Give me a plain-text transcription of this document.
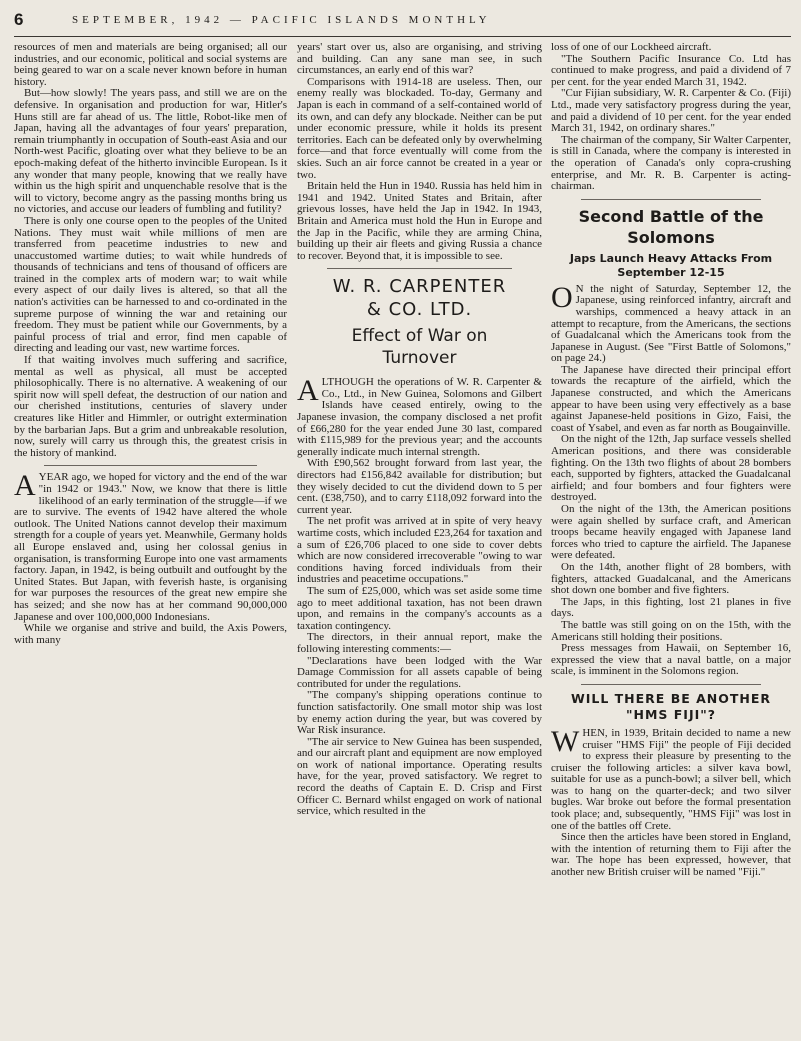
6	SEPTEMBER, 1942 — PACIFIC ISLANDS MONTHLY

resources of men and materials are being organised; all our industries, and our economic, political and social systems are being geared to war on a scale never known before in human history.

But—how slowly! The years pass, and still we are on the defensive. In organisation and production for war, Hitler's Huns still are far ahead of us. The little, Robot-like men of Japan, having all the advantages of four years' preparation, remain triumphantly in occupation of South-east Asia and our North-west Pacific, gloating over what they believe to be an epoch-making defeat of the hitherto invincible European. Is it any wonder that many people, knowing that we really have within us the high spirit and unquenchable resolve that is the will to victory, become angry as the passing months bring us no victories, and accuse our leaders of fumbling and futility?

There is only one course open to the peoples of the United Nations. They must wait while millions of men are transferred from peacetime industries to new and unaccustomed wartime duties; to wait while hundreds of thousands of technicians and tens of thousand of officers are trained in the complex arts of modern war; to wait while every aspect of our daily lives is altered, so that all the nation's activities can be harnessed to and co-ordinated in the supreme purpose of winning the war and retaining our freedom. They must be patient while our Governments, by a painful process of trial and error, find men capable of directing and leading our vast, new wartime forces.

If that waiting involves much suffering and sacrifice, mental as well as physical, all must be accepted philosophically. There is no alternative. A weakening of our spirit now will spell defeat, the destruction of our nation and our cherished institutions, centuries of slavery under creatures like Hitler and Himmler, or outright extermination by the barbarian Japs. But a grim and unbreakable resolution, now, surely will carry us through this, the greatest crisis in the history of mankind.

AYEAR ago, we hoped for victory and the end of the war "in 1942 or 1943." Now, we know that there is little likelihood of an early termination of the struggle—if we are to survive. The events of 1942 have altered the whole outlook. The United Nations cannot develop their maximum strength for a couple of years yet. Meanwhile, Germany holds all Europe enslaved and, using her colossal genius in organisation, is transforming Europe into one vast armaments factory. Japan, in 1942, is being outbuilt and outfought by the United States. But Japan, with feverish haste, is organising for war purposes the resources of the great new empire she has seized; and she now has at her command 90,000,000 Japanese and over 100,000,000 Indonesians.

While we organise and strive and build, the Axis Powers, with many

years' start over us, also are organising, and striving and building. Can any sane man see, in such circumstances, an early end of this war?

Comparisons with 1914-18 are useless. Then, our enemy really was blockaded. To-day, Germany and Japan is each in command of a self-contained world of its own, and can defy any blockade. Neither can be put under economic pressure, while it holds its present territories. Each can be defeated only by overwhelming force—and that force eventually will come from the skies. Such an air force cannot be created in a year or two.

Britain held the Hun in 1940. Russia has held him in 1941 and 1942. United States and Britain, after grievous losses, have held the Jap in 1942. In 1943, Britain and America must hold the Hun in Europe and the Jap in the Pacific, while they are arming China, building up their air fleets and giving Russia a chance to recover. Beyond that, it is impossible to see.

W. R. CARPENTER
& CO. LTD.
Effect of War on
Turnover

ALTHOUGH the operations of W. R. Carpenter & Co., Ltd., in New Guinea, Solomons and Gilbert Islands have ceased entirely, owing to the Japanese invasion, the company disclosed a net profit of £66,280 for the year ended June 30 last, compared with £115,989 for the previous year; and the accounts generally indicate much internal strength.

With £90,562 brought forward from last year, the directors had £156,842 available for distribution; but they wisely decided to cut the dividend down to 5 per cent. (£38,750), and to carry £118,092 forward into the current year.

The net profit was arrived at in spite of very heavy wartime costs, which included £23,264 for taxation and a sum of £26,706 placed to one side to cover debts which are now considered irrecoverable "owing to war conditions having forced individuals from their industries and peacetime occupations."

The sum of £25,000, which was set aside some time ago to meet additional taxation, has not been drawn upon, and remains in the company's accounts as a taxation contingency.

The directors, in their annual report, make the following interesting comments:—

"Declarations have been lodged with the War Damage Commission for all assets capable of being contributed for under the regulations.

"The company's shipping operations continue to function satisfactorily. One small motor ship was lost by enemy action during the year, but was covered by War Risk insurance.

"The air service to New Guinea has been suspended, and our aircraft plant and equipment are now employed on work of national importance. Operating results have, for the year, proved satisfactory. We regret to record the deaths of Captain E. D. Crisp and First Officer C. Bernard whilst engaged on work of national service, which resulted in the

loss of one of our Lockheed aircraft.

"The Southern Pacific Insurance Co. Ltd has continued to make progress, and paid a dividend of 7 per cent. for the year ended March 31, 1942.

"Cur Fijian subsidiary, W. R. Carpenter & Co. (Fiji) Ltd., made very satisfactory progress during the year, and paid a dividend of 10 per cent. for the year ended March 31, 1942, on ordinary shares."

The chairman of the company, Sir Walter Carpenter, is still in Canada, where the company is interested in the operation of Canada's only copra-crushing enterprise, and Mr. R. B. Carpenter is acting-chairman.

Second Battle of the
Solomons
Japs Launch Heavy Attacks From
September 12-15

O N the night of Saturday, September 12, the Japanese, using reinforced infantry, aircraft and warships, commenced a heavy attack in an attempt to recapture, from the Americans, the sections of Guadalcanal which the Americans took from the Japanese in August. (See "First Battle of Solomons," on page 24.)

The Japanese have directed their principal effort towards the recapture of the airfield, which the Japanese constructed, and which the Americans appear to have been using very effectively as a base against Japanese-held positions in Gizo, Faisi, the coast of Ysabel, and even as far north as Bougainville.

On the night of the 12th, Jap surface vessels shelled American positions, and there was considerable fighting. On the 13th two flights of about 28 bombers each, supported by fighters, attacked the Guadalcanal airfield; and four bombers and four fighters were destroyed.

On the night of the 13th, the American positions were again shelled by surface craft, and American troops became heavily engaged with Japanese land forces who tried to capture the airfield. The Japanese were defeated.

On the 14th, another flight of 28 bombers, with fighters, attacked Guadalcanal, and the Americans shot down one bomber and five fighters.

The Japs, in this fighting, lost 21 planes in five days.

The battle was still going on on the 15th, with the Americans still holding their positions.

Press messages from Hawaii, on September 16, expressed the view that a naval battle, on a major scale, is imminent in the Solomons region.

WILL THERE BE ANOTHER
"HMS FIJI"?

WHEN, in 1939, Britain decided to name a new cruiser "HMS Fiji" the people of Fiji decided to express their pleasure by presenting to the cruiser the following articles: a silver kava bowl, suitable for use as a punch-bowl; a silver bell, which was to hang on the quarter-deck; and two silver bugles. War broke out before the formal presentation took place; and, subsequently, "HMS Fiji" was lost in one of the battles off Crete.

Since then the articles have been stored in England, with the intention of returning them to Fiji after the war. The hope has been expressed, however, that another new British cruiser will be named "Fiji."
